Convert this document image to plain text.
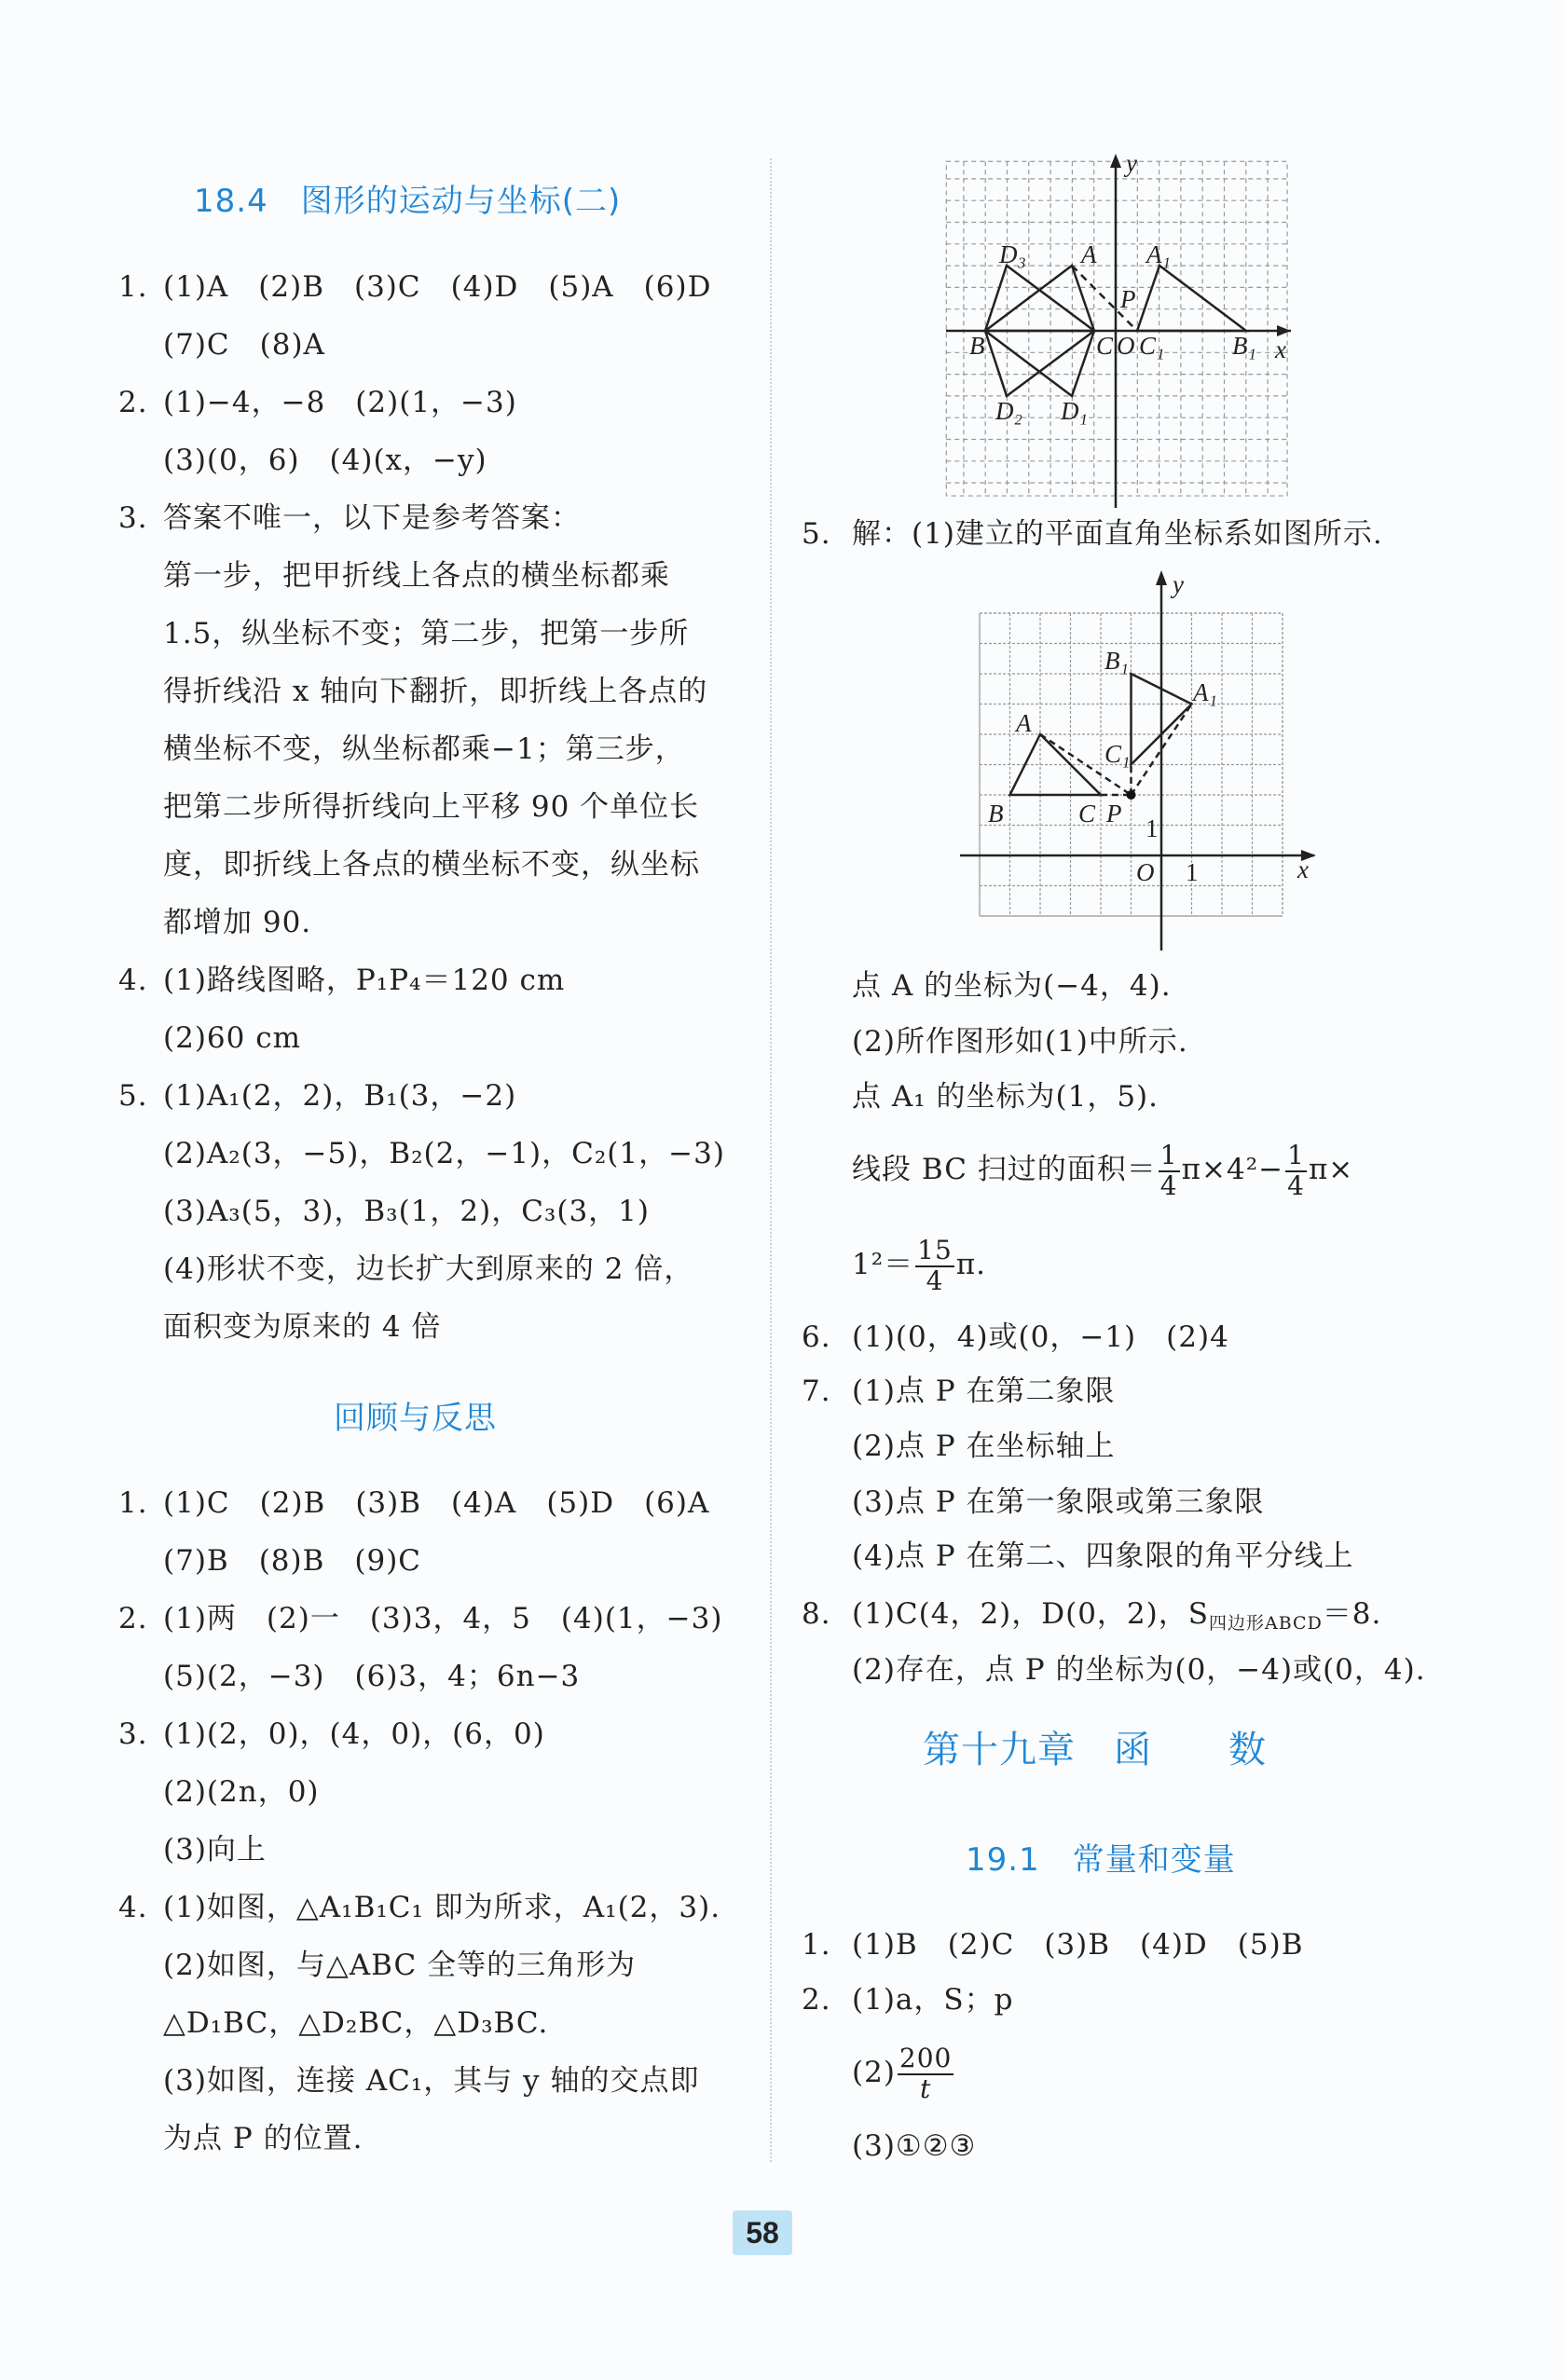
18.4　图形的运动与坐标(二)
1. (1)A　(2)B　(3)C　(4)D　(5)A　(6)D
(7)C　(8)A
2. (1)−4，−8　(2)(1，−3)
(3)(0，6)　(4)(x，−y)
3. 答案不唯一，以下是参考答案：
第一步，把甲折线上各点的横坐标都乘
1.5，纵坐标不变；第二步，把第一步所
得折线沿 x 轴向下翻折，即折线上各点的
横坐标不变，纵坐标都乘−1；第三步，
把第二步所得折线向上平移 90 个单位长
度，即折线上各点的横坐标不变，纵坐标
都增加 90.
4. (1)路线图略，P₁P₄＝120 cm
(2)60 cm
5. (1)A₁(2，2)，B₁(3，−2)
(2)A₂(3，−5)，B₂(2，−1)，C₂(1，−3)
(3)A₃(5，3)，B₃(1，2)，C₃(3，1)
(4)形状不变，边长扩大到原来的 2 倍，
面积变为原来的 4 倍
回顾与反思
1. (1)C　(2)B　(3)B　(4)A　(5)D　(6)A
(7)B　(8)B　(9)C
2. (1)两　(2)一　(3)3，4，5　(4)(1，−3)
(5)(2，−3)　(6)3，4；6n−3
3. (1)(2，0)，(4，0)，(6，0)
(2)(2n，0)
(3)向上
4. (1)如图，△A₁B₁C₁ 即为所求，A₁(2，3).
(2)如图，与△ABC 全等的三角形为
△D₁BC，△D₂BC，△D₃BC.
(3)如图，连接 AC₁，其与 y 轴的交点即
为点 P 的位置.
D₃ A
P
A₁
B	C O C₁	B₁ x
y
D₂ D₁
5. 解：(1)建立的平面直角坐标系如图所示.
y
B₁
A₁
A
C₁
B	C P
1
O 1	x
点 A 的坐标为(−4，4).
(2)所作图形如(1)中所示.
点 A₁ 的坐标为(1，5).
线段 BC 扫过的面积＝ $\frac{1}{4} \pi\times 4^2- \frac{1}{4} \pi\times$
$1^2= \frac{15}{4} \pi$.
6. (1)(0，4)或(0，−1)　(2)4
7. (1)点 P 在第二象限
(2)点 P 在坐标轴上
(3)点 P 在第一象限或第三象限
(4)点 P 在第二、四象限的角平分线上
8. (1)C(4，2)，D(0，2)，$S_{四边形ABCD}=8$.
(2)存在，点 P 的坐标为(0，−4)或(0，4).
第十九章　函　　数
19.1　常量和变量
1. (1)B　(2)C　(3)B　(4)D　(5)B
2. (1)a，S；p
$(2) \frac{200}{t}$
(3)①②③
58
